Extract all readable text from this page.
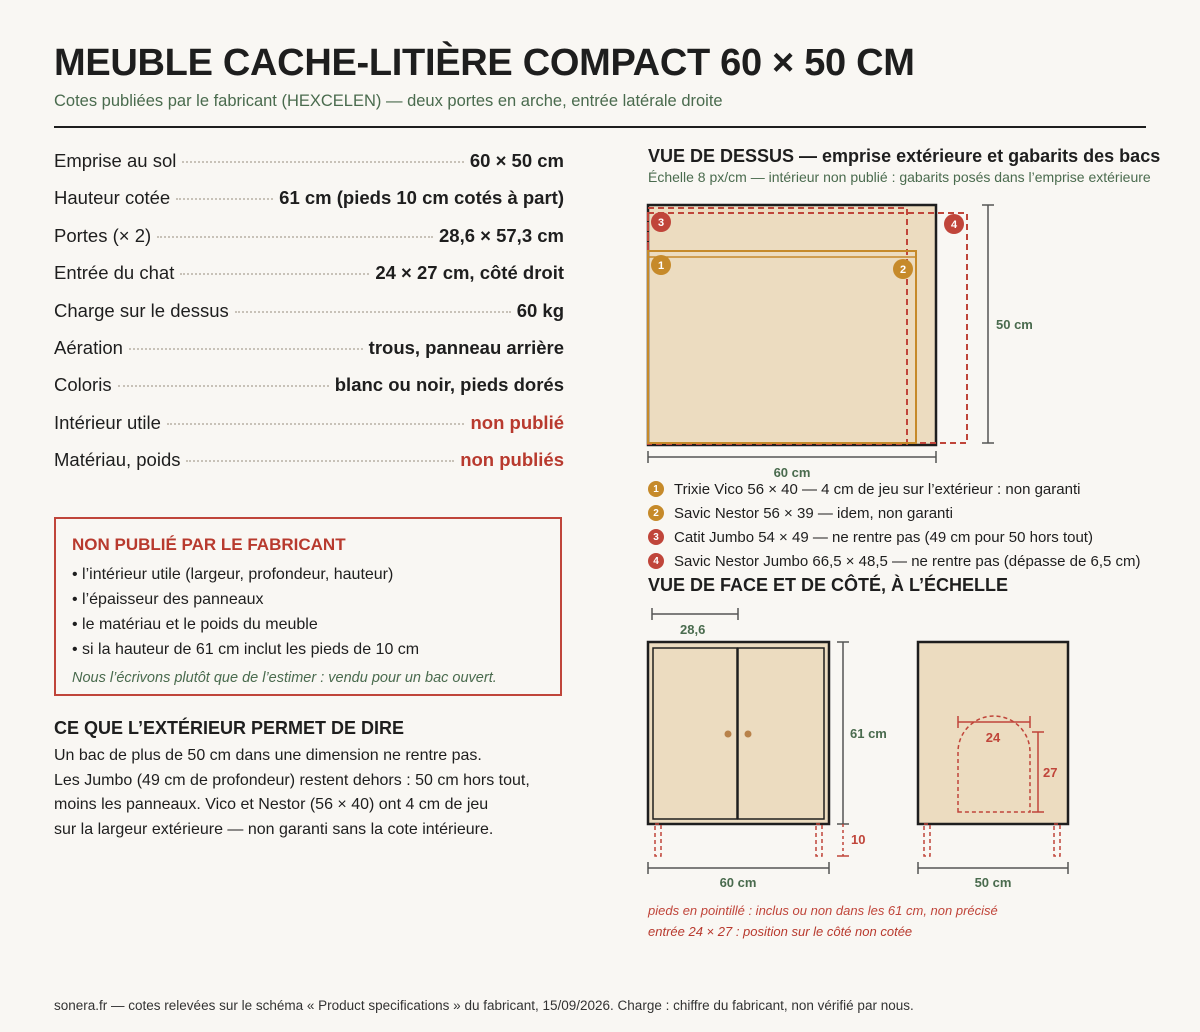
MEUBLE CACHE-LITIÈRE COMPACT 60 × 50 CM
Cotes publiées par le fabricant (HEXCELEN) — deux portes en arche, entrée latérale droite
Emprise au sol	60 × 50 cm
Hauteur cotée	61 cm (pieds 10 cm cotés à part)
Portes (× 2)	28,6 × 57,3 cm
Entrée du chat	24 × 27 cm, côté droit
Charge sur le dessus	60 kg
Aération	trous, panneau arrière
Coloris	blanc ou noir, pieds dorés
Intérieur utile	non publié
Matériau, poids	non publiés
NON PUBLIÉ PAR LE FABRICANT
• l’intérieur utile (largeur, profondeur, hauteur)
• l’épaisseur des panneaux
• le matériau et le poids du meuble
• si la hauteur de 61 cm inclut les pieds de 10 cm
Nous l’écrivons plutôt que de l’estimer : vendu pour un bac ouvert.
CE QUE L’EXTÉRIEUR PERMET DE DIRE
Un bac de plus de 50 cm dans une dimension ne rentre pas.
Les Jumbo (49 cm de profondeur) restent dehors : 50 cm hors tout,
moins les panneaux. Vico et Nestor (56 × 40) ont 4 cm de jeu
sur la largeur extérieure — non garanti sans la cote intérieure.
VUE DE DESSUS — emprise extérieure et gabarits des bacs
Échelle 8 px/cm — intérieur non publié : gabarits posés dans l’emprise extérieure
3	4
1	2
50 cm
60 cm
1	Trixie Vico 56 × 40 — 4 cm de jeu sur l’extérieur : non garanti
2	Savic Nestor 56 × 39 — idem, non garanti
3	Catit Jumbo 54 × 49 — ne rentre pas (49 cm pour 50 hors tout)
4	Savic Nestor Jumbo 66,5 × 48,5 — ne rentre pas (dépasse de 6,5 cm)
VUE DE FACE ET DE CÔTÉ, À L’ÉCHELLE
28,6
61 cm
10
60 cm
24
27
50 cm
pieds en pointillé : inclus ou non dans les 61 cm, non précisé
entrée 24 × 27 : position sur le côté non cotée
sonera.fr — cotes relevées sur le schéma « Product specifications » du fabricant, 15/09/2026. Charge : chiffre du fabricant, non vérifié par nous.
